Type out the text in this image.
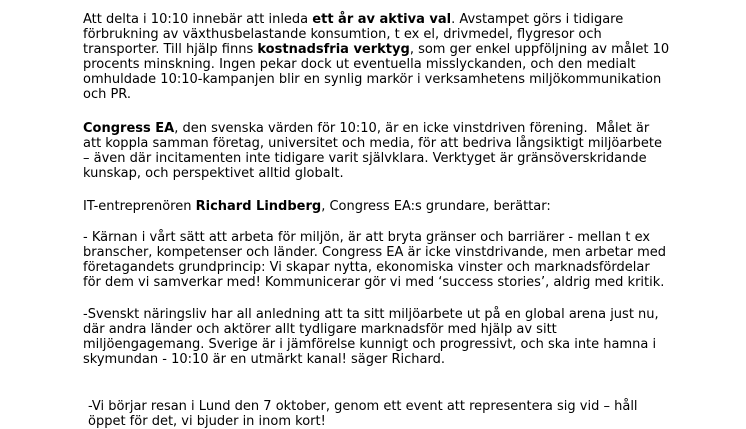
Att delta i 10:10 innebär att inleda ett år av aktiva val. Avstampet görs i tidigare
förbrukning av växthusbelastande konsumtion, t ex el, drivmedel, flygresor och
transporter. Till hjälp finns kostnadsfria verktyg, som ger enkel uppföljning av målet 10
procents minskning. Ingen pekar dock ut eventuella misslyckanden, och den medialt
omhuldade 10:10-kampanjen blir en synlig markör i verksamhetens miljökommunikation
och PR.
Congress EA, den svenska värden för 10:10, är en icke vinstdriven förening.  Målet är
att koppla samman företag, universitet och media, för att bedriva långsiktigt miljöarbete
– även där incitamenten inte tidigare varit självklara. Verktyget är gränsöverskridande
kunskap, och perspektivet alltid globalt.
IT-entreprenören Richard Lindberg, Congress EA:s grundare, berättar:
- Kärnan i vårt sätt att arbeta för miljön, är att bryta gränser och barriärer - mellan t ex
branscher, kompetenser och länder. Congress EA är icke vinstdrivande, men arbetar med
företagandets grundprincip: Vi skapar nytta, ekonomiska vinster och marknadsfördelar
för dem vi samverkar med! Kommunicerar gör vi med ‘success stories’, aldrig med kritik.
-Svenskt näringsliv har all anledning att ta sitt miljöarbete ut på en global arena just nu,
där andra länder och aktörer allt tydligare marknadsför med hjälp av sitt
miljöengagemang. Sverige är i jämförelse kunnigt och progressivt, och ska inte hamna i
skymundan - 10:10 är en utmärkt kanal! säger Richard.
-Vi börjar resan i Lund den 7 oktober, genom ett event att representera sig vid – håll
öppet för det, vi bjuder in inom kort!
